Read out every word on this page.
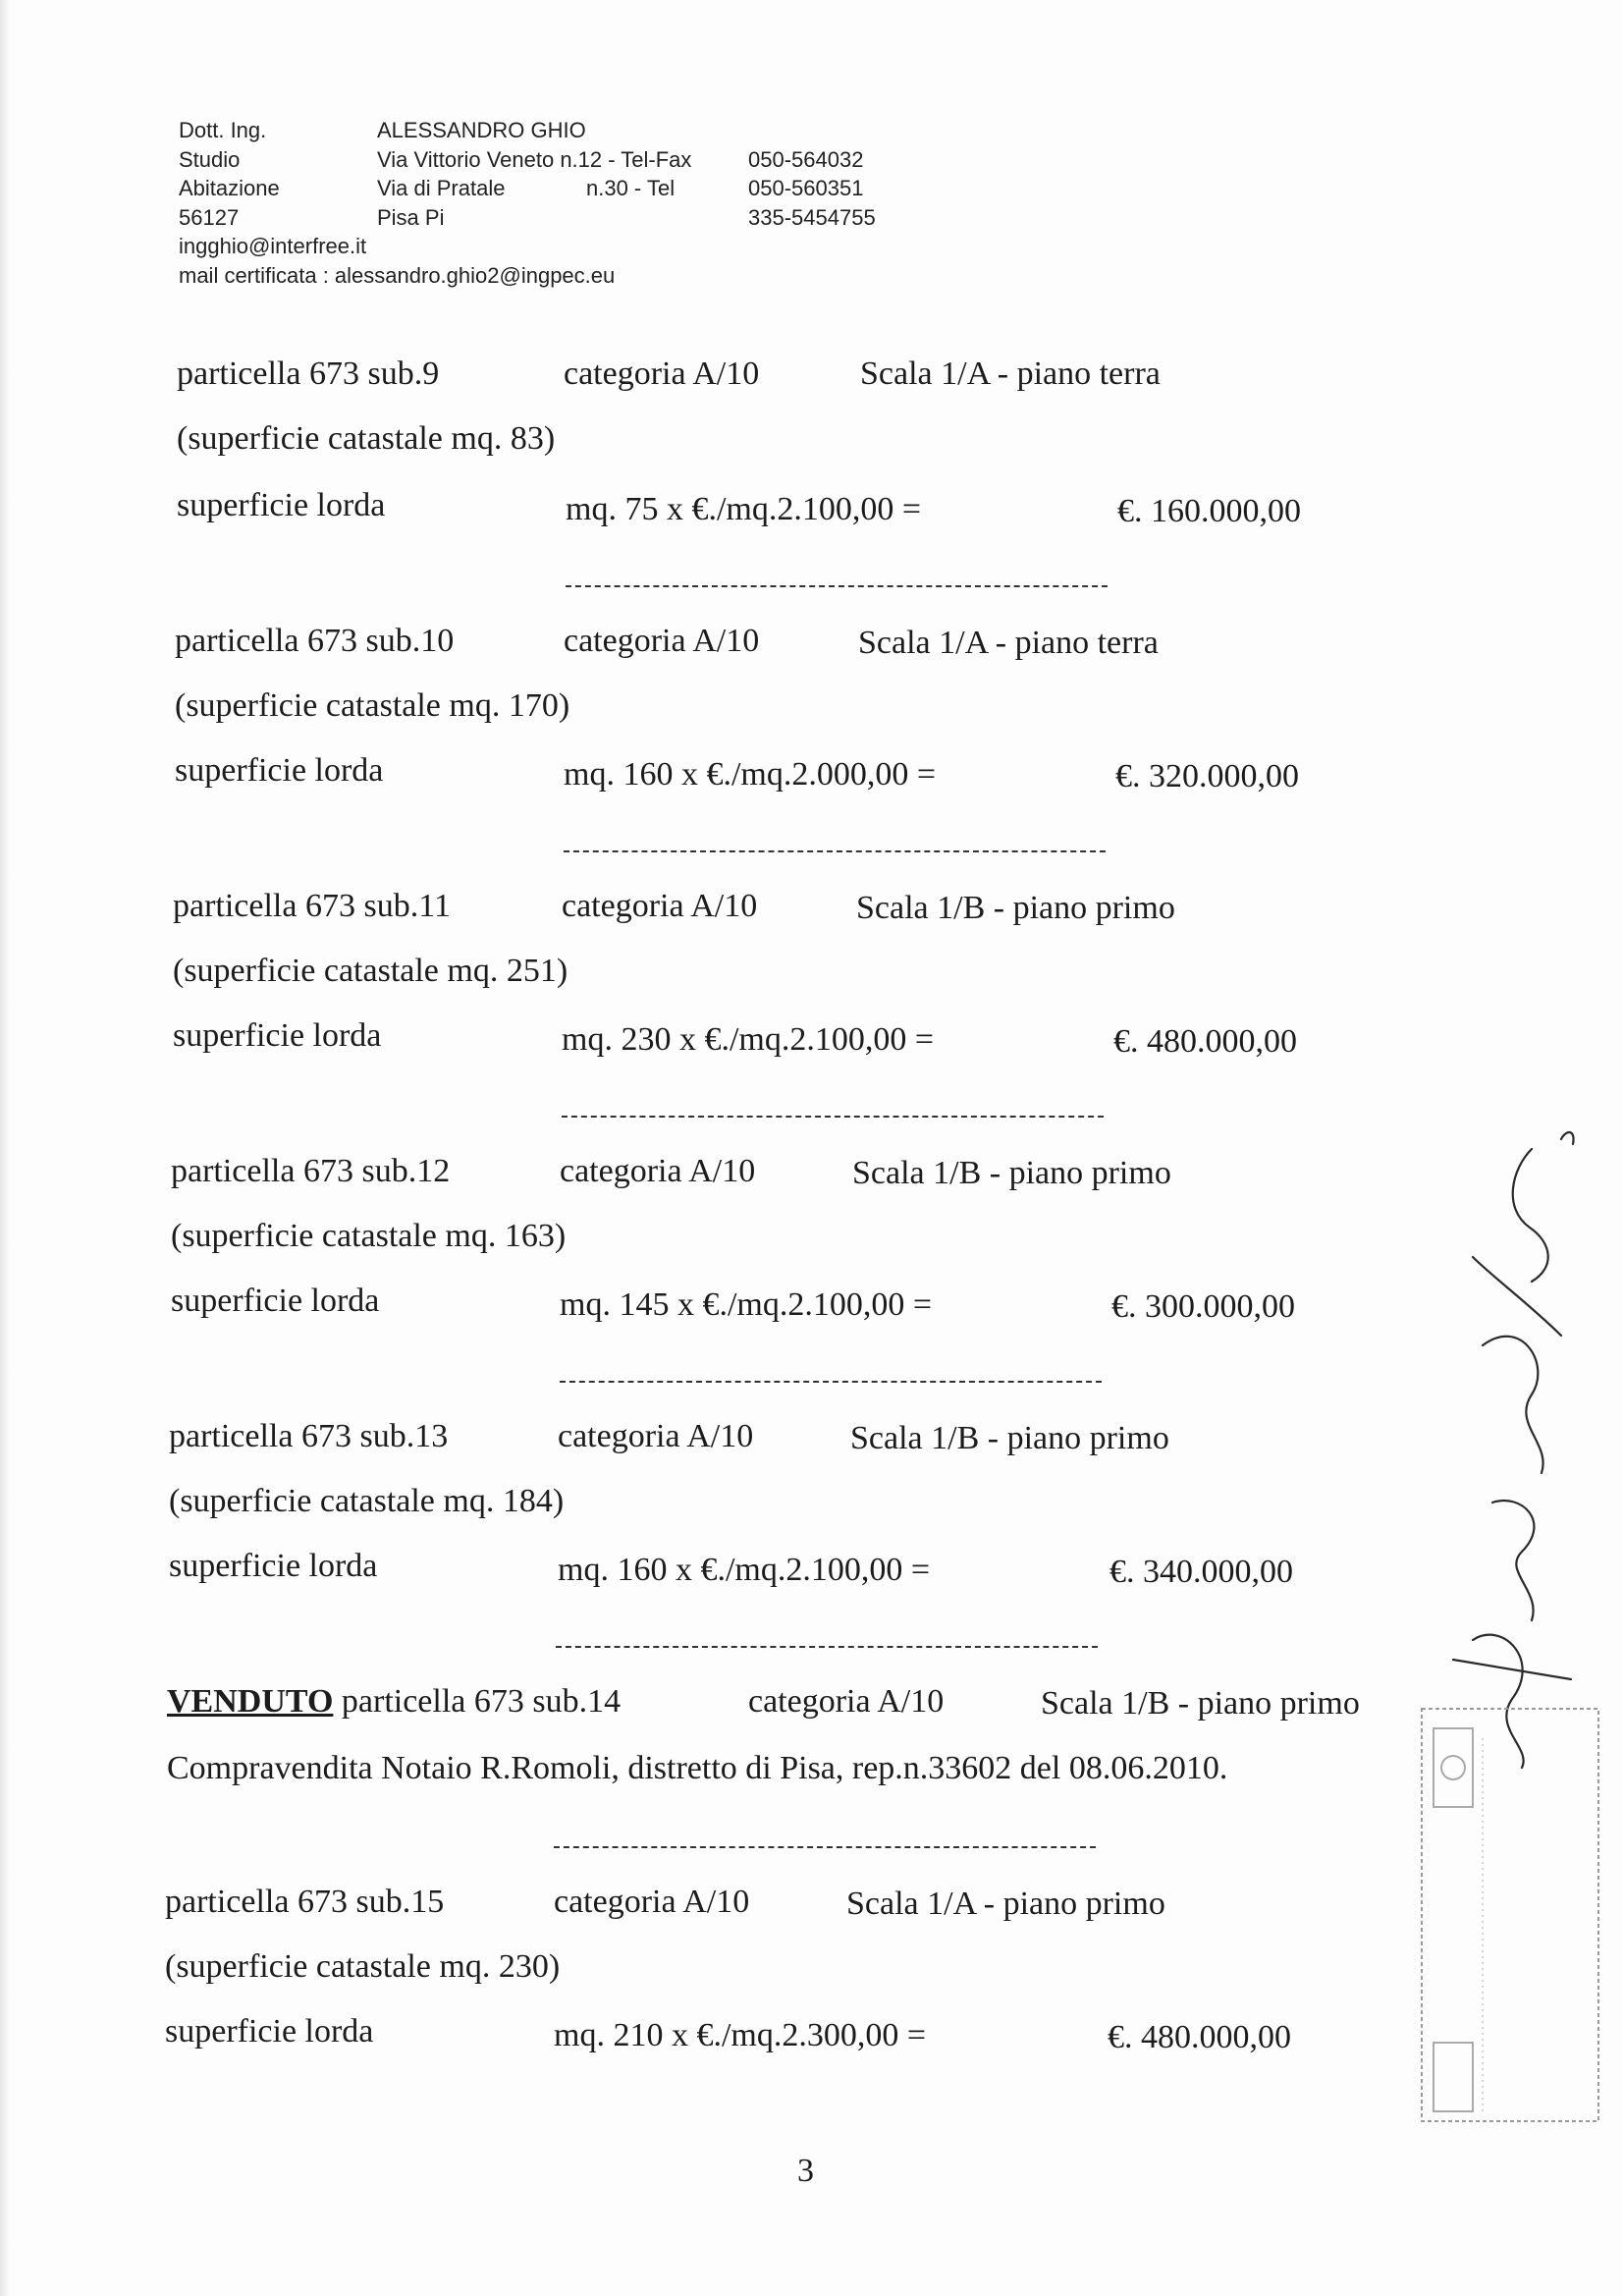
Dott. Ing.	ALESSANDRO GHIO
Studio	Via Vittorio Veneto n.12 - Tel-Fax	050-564032
Abitazione	Via di Pratale	n.30 - Tel	050-560351
56127	Pisa Pi	335-5454755
ingghio@interfree.it
mail certificata : alessandro.ghio2@ingpec.eu
particella 673 sub.9	categoria A/10	Scala 1/A - piano terra
(superficie catastale mq. 83)
superficie lorda	mq. 75 x €./mq.2.100,00 =	€. 160.000,00
particella 673 sub.10	categoria A/10	Scala 1/A - piano terra
(superficie catastale mq. 170)
superficie lorda	mq. 160 x €./mq.2.000,00 =	€. 320.000,00
particella 673 sub.11	categoria A/10	Scala 1/B - piano primo
(superficie catastale mq. 251)
superficie lorda	mq. 230 x €./mq.2.100,00 =	€. 480.000,00
particella 673 sub.12	categoria A/10	Scala 1/B - piano primo
(superficie catastale mq. 163)
superficie lorda	mq. 145 x €./mq.2.100,00 =	€. 300.000,00
particella 673 sub.13	categoria A/10	Scala 1/B - piano primo
(superficie catastale mq. 184)
superficie lorda	mq. 160 x €./mq.2.100,00 =	€. 340.000,00
VENDUTO particella 673 sub.14	categoria A/10	Scala 1/B - piano primo
Compravendita Notaio R.Romoli, distretto di Pisa, rep.n.33602 del 08.06.2010.
particella 673 sub.15	categoria A/10	Scala 1/A - piano primo
(superficie catastale mq. 230)
superficie lorda	mq. 210 x €./mq.2.300,00 =	€. 480.000,00
3
